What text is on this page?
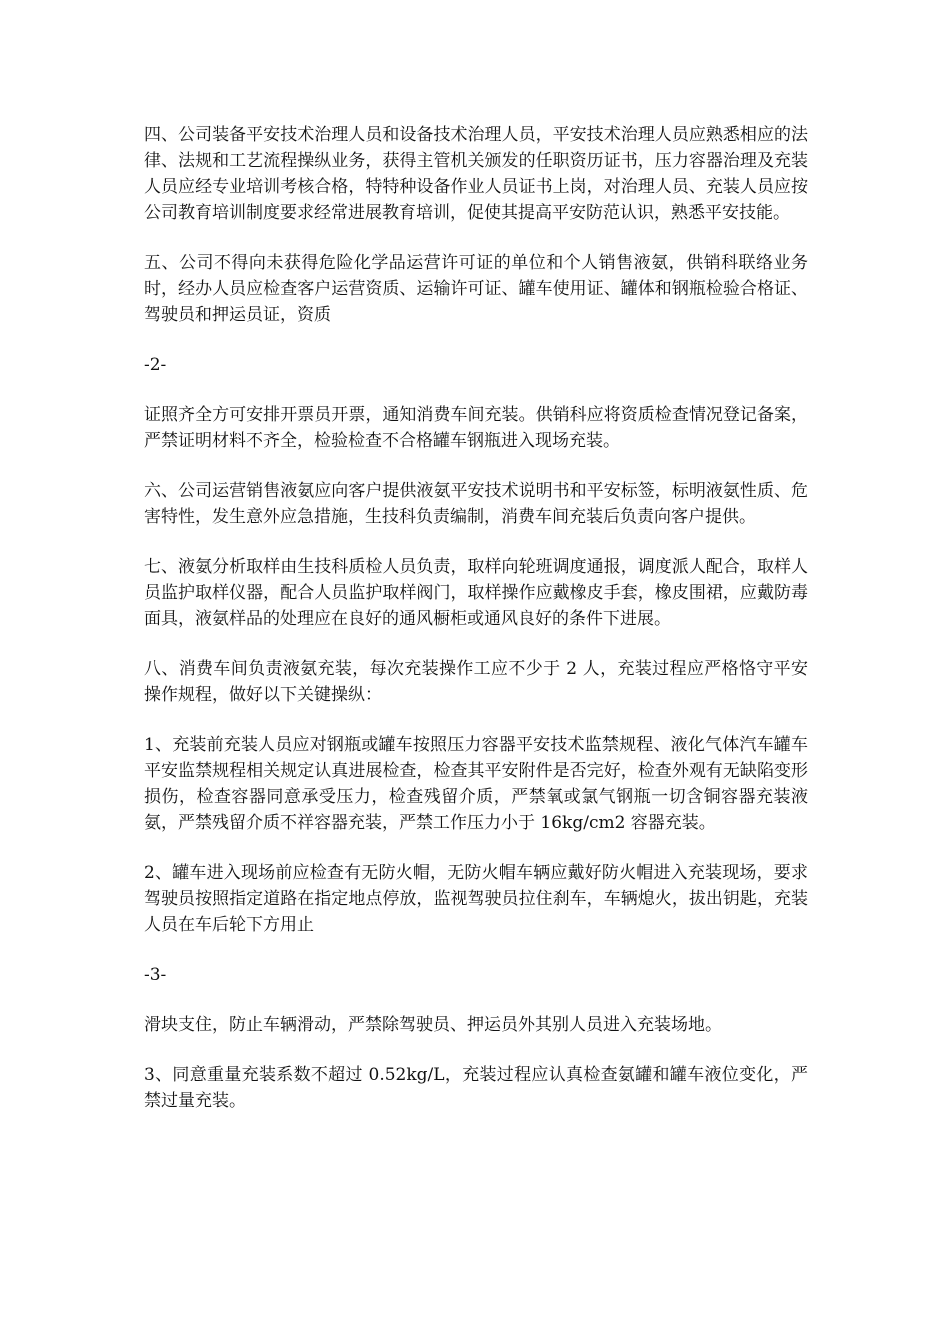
四、公司装备平安技术治理人员和设备技术治理人员，平安技术治理人员应熟悉相应的法律、法规和工艺流程操纵业务，获得主管机关颁发的任职资历证书，压力容器治理及充装人员应经专业培训考核合格，特特种设备作业人员证书上岗，对治理人员、充装人员应按公司教育培训制度要求经常进展教育培训，促使其提高平安防范认识，熟悉平安技能。

五、公司不得向未获得危险化学品运营许可证的单位和个人销售液氨，供销科联络业务时，经办人员应检查客户运营资质、运输许可证、罐车使用证、罐体和钢瓶检验合格证、驾驶员和押运员证，资质

-2-

证照齐全方可安排开票员开票，通知消费车间充装。供销科应将资质检查情况登记备案，严禁证明材料不齐全，检验检查不合格罐车钢瓶进入现场充装。

六、公司运营销售液氨应向客户提供液氨平安技术说明书和平安标签，标明液氨性质、危害特性，发生意外应急措施，生技科负责编制，消费车间充装后负责向客户提供。

七、液氨分析取样由生技科质检人员负责，取样向轮班调度通报，调度派人配合，取样人员监护取样仪器，配合人员监护取样阀门，取样操作应戴橡皮手套，橡皮围裙，应戴防毒面具，液氨样品的处理应在良好的通风橱柜或通风良好的条件下进展。

八、消费车间负责液氨充装，每次充装操作工应不少于 2 人，充装过程应严格恪守平安操作规程，做好以下关键操纵：

1、充装前充装人员应对钢瓶或罐车按照压力容器平安技术监禁规程、液化气体汽车罐车平安监禁规程相关规定认真进展检查，检查其平安附件是否完好，检查外观有无缺陷变形损伤，检查容器同意承受压力，检查残留介质，严禁氧或氯气钢瓶一切含铜容器充装液氨，严禁残留介质不祥容器充装，严禁工作压力小于 16kg/cm2 容器充装。

2、罐车进入现场前应检查有无防火帽，无防火帽车辆应戴好防火帽进入充装现场，要求驾驶员按照指定道路在指定地点停放，监视驾驶员拉住刹车，车辆熄火，拔出钥匙，充装人员在车后轮下方用止

-3-

滑块支住，防止车辆滑动，严禁除驾驶员、押运员外其别人员进入充装场地。

3、同意重量充装系数不超过 0.52kg/L，充装过程应认真检查氨罐和罐车液位变化，严禁过量充装。
